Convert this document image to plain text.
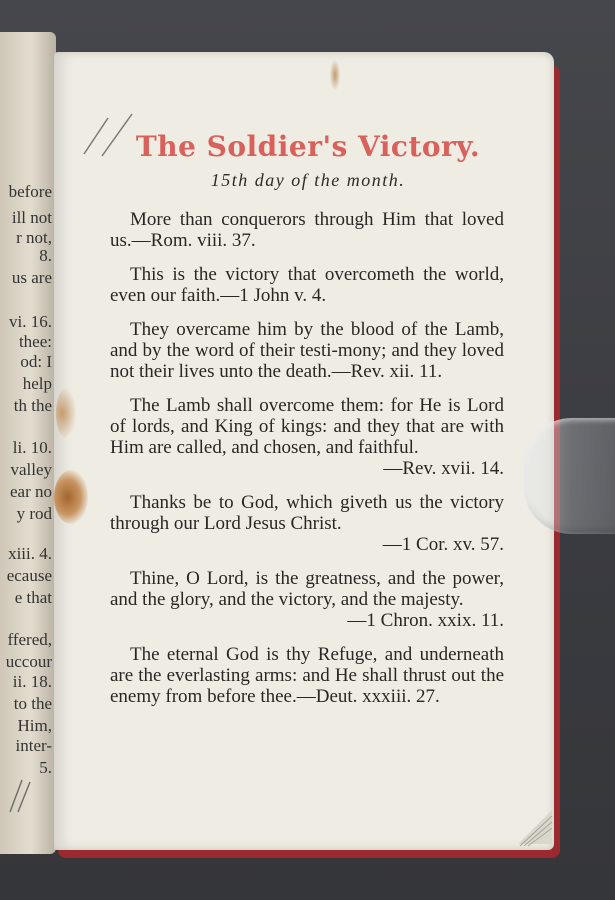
before
ill not
r not,
8.
us are
vi. 16.
thee:
od: I
help
th the
li. 10.
valley
ear no
y rod
xiii. 4.
ecause
e that
ffered,
uccour
ii. 18.
to the
Him,
inter-
5.
The Soldier's Victory.
15th day of the month.
More than conquerors through Him that loved us.—Rom. viii. 37.
This is the victory that overcometh the world, even our faith.—1 John v. 4.
They overcame him by the blood of the Lamb, and by the word of their testi-mony; and they loved not their lives unto the death.—Rev. xii. 11.
The Lamb shall overcome them: for He is Lord of lords, and King of kings: and they that are with Him are called, and chosen, and faithful.
—Rev. xvii. 14.
Thanks be to God, which giveth us the victory through our Lord Jesus Christ.
—1 Cor. xv. 57.
Thine, O Lord, is the greatness, and the power, and the glory, and the victory, and the majesty.
—1 Chron. xxix. 11.
The eternal God is thy Refuge, and underneath are the everlasting arms: and He shall thrust out the enemy from before thee.—Deut. xxxiii. 27.
